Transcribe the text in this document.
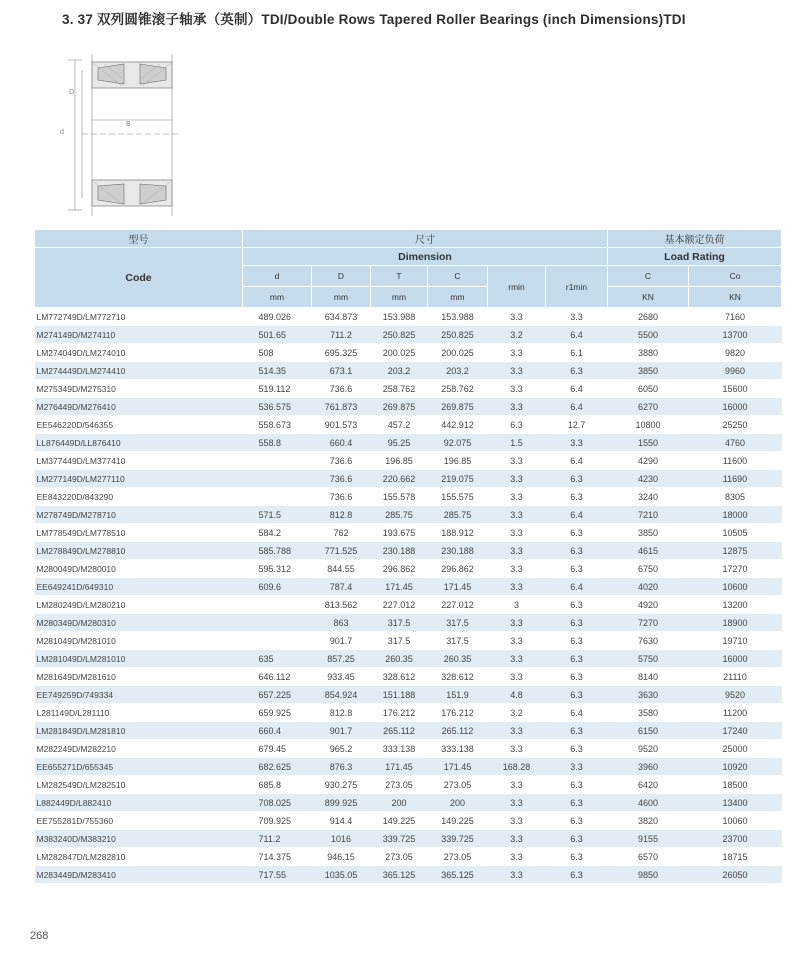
3. 37 双列圆锥滚子轴承（英制）TDI/Double Rows Tapered Roller Bearings (inch Dimensions)TDI
B
D
d
型号	尺寸						基本额定负荷	
Code	Dimension						Load Rating	
	d	D	T	C	rmin	r1min	C	Co
	mm	mm	mm	mm			KN	KN
LM772749D/LM772710	489.026	634.873	153.988	153.988	3.3	3.3	2680	7160
M274149D/M274110	501.65	711.2	250.825	250.825	3.2	6.4	5500	13700
LM274049D/LM274010	508	695.325	200.025	200.025	3.3	6.1	3880	9820
LM274449D/LM274410	514.35	673.1	203.2	203.2	3.3	6.3	3850	9960
M275349D/M275310	519.112	736.6	258.762	258.762	3.3	6.4	6050	15600
M276449D/M276410	536.575	761.873	269.875	269.875	3.3	6.4	6270	16000
EE546220D/546355	558.673	901.573	457.2	442.912	6.3	12.7	10800	25250
LL876449D/LL876410	558.8	660.4	95.25	92.075	1.5	3.3	1550	4760
LM377449D/LM377410		736.6	196.85	196.85	3.3	6.4	4290	11600
LM277149D/LM277110		736.6	220.662	219.075	3.3	6.3	4230	11690
EE843220D/843290		736.6	155.578	155.575	3.3	6.3	3240	8305
M278749D/M278710	571.5	812.8	285.75	285.75	3.3	6.4	7210	18000
LM778549D/LM778510	584.2	762	193.675	188.912	3.3	6.3	3850	10505
LM278849D/LM278810	585.788	771.525	230.188	230.188	3.3	6.3	4615	12875
M280049D/M280010	595.312	844.55	296.862	296.862	3.3	6.3	6750	17270
EE649241D/649310	609.6	787.4	171.45	171.45	3.3	6.4	4020	10600
LM280249D/LM280210		813.562	227.012	227.012	3	6.3	4920	13200
M280349D/M280310		863	317.5	317.5	3.3	6.3	7270	18900
M281049D/M281010		901.7	317.5	317.5	3.3	6.3	7630	19710
LM281049D/LM281010	635	857.25	260.35	260.35	3.3	6.3	5750	16000
M281649D/M281610	646.112	933.45	328.612	328.612	3.3	6.3	8140	21110
EE749259D/749334	657.225	854.924	151.188	151.9	4.8	6.3	3630	9520
L281149D/L281110	659.925	812.8	176.212	176.212	3.2	6.4	3580	11200
LM281849D/LM281810	660.4	901.7	265.112	265.112	3.3	6.3	6150	17240
M282249D/M282210	679.45	965.2	333.138	333.138	3.3	6.3	9520	25000
EE655271D/655345	682.625	876.3	171.45	171.45	168.28	3.3	3960	10920
LM282549D/LM282510	685.8	930.275	273.05	273.05	3.3	6.3	6420	18500
L882449D/L882410	708.025	899.925	200	200	3.3	6.3	4600	13400
EE755281D/755360	709.925	914.4	149.225	149.225	3.3	6.3	3820	10060
M383240D/M383210	711.2	1016	339.725	339.725	3.3	6.3	9155	23700
LM282847D/LM282810	714.375	946.15	273.05	273.05	3.3	6.3	6570	18715
M283449D/M283410	717.55	1035.05	365.125	365.125	3.3	6.3	9850	26050
268
